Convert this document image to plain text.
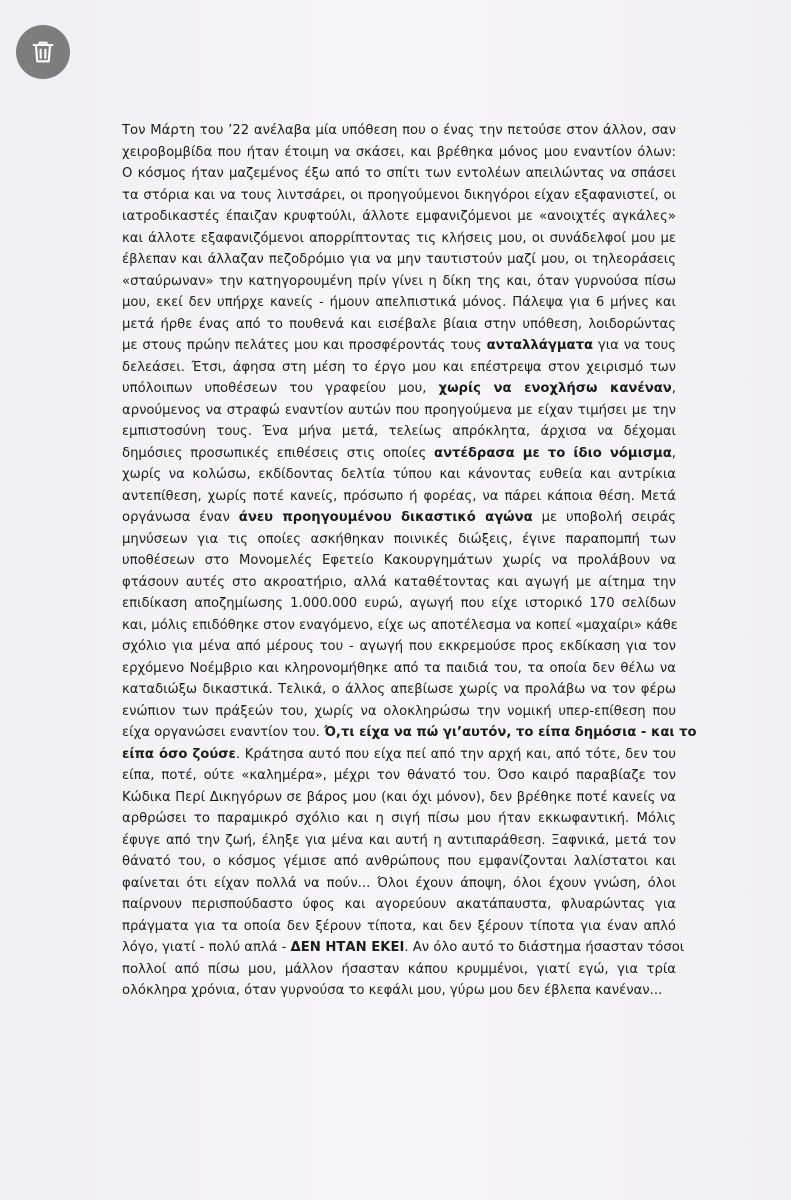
Τον Μάρτη του ’22 ανέλαβα μία υπόθεση που ο ένας την πετούσε στον άλλον, σαν
χειροβομβίδα που ήταν έτοιμη να σκάσει, και βρέθηκα μόνος μου εναντίον όλων:
Ο κόσμος ήταν μαζεμένος έξω από το σπίτι των εντολέων απειλώντας να σπάσει
τα στόρια και να τους λιντσάρει, οι προηγούμενοι δικηγόροι είχαν εξαφανιστεί, οι
ιατροδικαστές έπαιζαν κρυφτούλι, άλλοτε εμφανιζόμενοι με «ανοιχτές αγκάλες»
και άλλοτε εξαφανιζόμενοι απορρίπτοντας τις κλήσεις μου, οι συνάδελφοί μου με
έβλεπαν και άλλαζαν πεζοδρόμιο για να μην ταυτιστούν μαζί μου, οι τηλεοράσεις
«σταύρωναν» την κατηγορουμένη πρίν γίνει η δίκη της και, όταν γυρνούσα πίσω
μου, εκεί δεν υπήρχε κανείς - ήμουν απελπιστικά μόνος. Πάλεψα για 6 μήνες και
μετά ήρθε ένας από το πουθενά και εισέβαλε βίαια στην υπόθεση, λοιδορώντας
με στους πρώην πελάτες μου και προσφέροντάς τους ανταλλάγματα για να τους
δελεάσει. Έτσι, άφησα στη μέση το έργο μου και επέστρεψα στον χειρισμό των
υπόλοιπων υποθέσεων του γραφείου μου, χωρίς να ενοχλήσω κανέναν,
αρνούμενος να στραφώ εναντίον αυτών που προηγούμενα με είχαν τιμήσει με την
εμπιστοσύνη τους. Ένα μήνα μετά, τελείως απρόκλητα, άρχισα να δέχομαι
δημόσιες προσωπικές επιθέσεις στις οποίες αντέδρασα με το ίδιο νόμισμα,
χωρίς να κολώσω, εκδίδοντας δελτία τύπου και κάνοντας ευθεία και αντρίκια
αντεπίθεση, χωρίς ποτέ κανείς, πρόσωπο ή φορέας, να πάρει κάποια θέση. Μετά
οργάνωσα έναν άνευ προηγουμένου δικαστικό αγώνα με υποβολή σειράς
μηνύσεων για τις οποίες ασκήθηκαν ποινικές διώξεις, έγινε παραπομπή των
υποθέσεων στο Μονομελές Εφετείο Κακουργημάτων χωρίς να προλάβουν να
φτάσουν αυτές στο ακροατήριο, αλλά καταθέτοντας και αγωγή με αίτημα την
επιδίκαση αποζημίωσης 1.000.000 ευρώ, αγωγή που είχε ιστορικό 170 σελίδων
και, μόλις επιδόθηκε στον εναγόμενο, είχε ως αποτέλεσμα να κοπεί «μαχαίρι» κάθε
σχόλιο για μένα από μέρους του - αγωγή που εκκρεμούσε προς εκδίκαση για τον
ερχόμενο Νοέμβριο και κληρονομήθηκε από τα παιδιά του, τα οποία δεν θέλω να
καταδιώξω δικαστικά. Τελικά, ο άλλος απεβίωσε χωρίς να προλάβω να τον φέρω
ενώπιον των πράξεών του, χωρίς να ολοκληρώσω την νομική υπερ-επίθεση που
είχα οργανώσει εναντίον του. Ό,τι είχα να πώ γι’αυτόν, το είπα δημόσια - και το
είπα όσο ζούσε. Κράτησα αυτό που είχα πεί από την αρχή και, από τότε, δεν του
είπα, ποτέ, ούτε «καλημέρα», μέχρι τον θάνατό του. Όσο καιρό παραβίαζε τον
Κώδικα Περί Δικηγόρων σε βάρος μου (και όχι μόνον), δεν βρέθηκε ποτέ κανείς να
αρθρώσει το παραμικρό σχόλιο και η σιγή πίσω μου ήταν εκκωφαντική. Μόλις
έφυγε από την ζωή, έληξε για μένα και αυτή η αντιπαράθεση. Ξαφνικά, μετά τον
θάνατό του, ο κόσμος γέμισε από ανθρώπους που εμφανίζονται λαλίστατοι και
φαίνεται ότι είχαν πολλά να πούν... Όλοι έχουν άποψη, όλοι έχουν γνώση, όλοι
παίρνουν περισπούδαστο ύφος και αγορεύουν ακατάπαυστα, φλυαρώντας για
πράγματα για τα οποία δεν ξέρουν τίποτα, και δεν ξέρουν τίποτα για έναν απλό
λόγο, γιατί - πολύ απλά - ΔΕΝ ΗΤΑΝ ΕΚΕΙ. Αν όλο αυτό το διάστημα ήσασταν τόσοι
πολλοί από πίσω μου, μάλλον ήσασταν κάπου κρυμμένοι, γιατί εγώ, για τρία
ολόκληρα χρόνια, όταν γυρνούσα το κεφάλι μου, γύρω μου δεν έβλεπα κανέναν...
